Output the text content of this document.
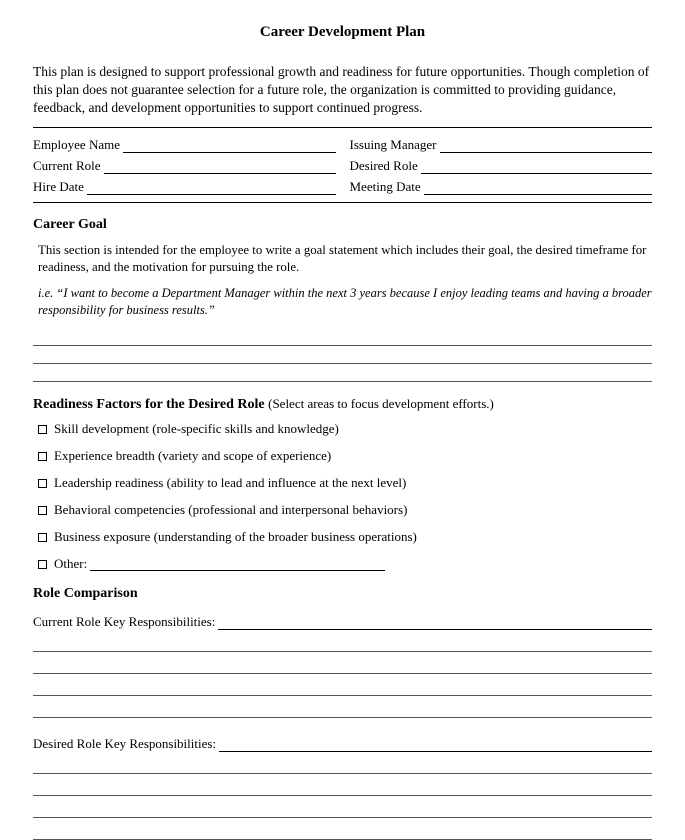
Career Development Plan

This plan is designed to support professional growth and readiness for future opportunities. Though completion of this plan does not guarantee selection for a future role, the organization is committed to providing guidance, feedback, and development opportunities to support continued progress.

Employee Name
Current Role
Hire Date
Issuing Manager
Desired Role
Meeting Date
Career Goal

This section is intended for the employee to write a goal statement which includes their goal, the desired timeframe for readiness, and the motivation for pursuing the role.

i.e. “I want to become a Department Manager within the next 3 years because I enjoy leading teams and having a broader responsibility for business results.”

Readiness Factors for the Desired Role (Select areas to focus development efforts.)
Skill development (role-specific skills and knowledge)
Experience breadth (variety and scope of experience)
Leadership readiness (ability to lead and influence at the next level)
Behavioral competencies (professional and interpersonal behaviors)
Business exposure (understanding of the broader business operations)
Other:
Role Comparison
Current Role Key Responsibilities:
Desired Role Key Responsibilities:
